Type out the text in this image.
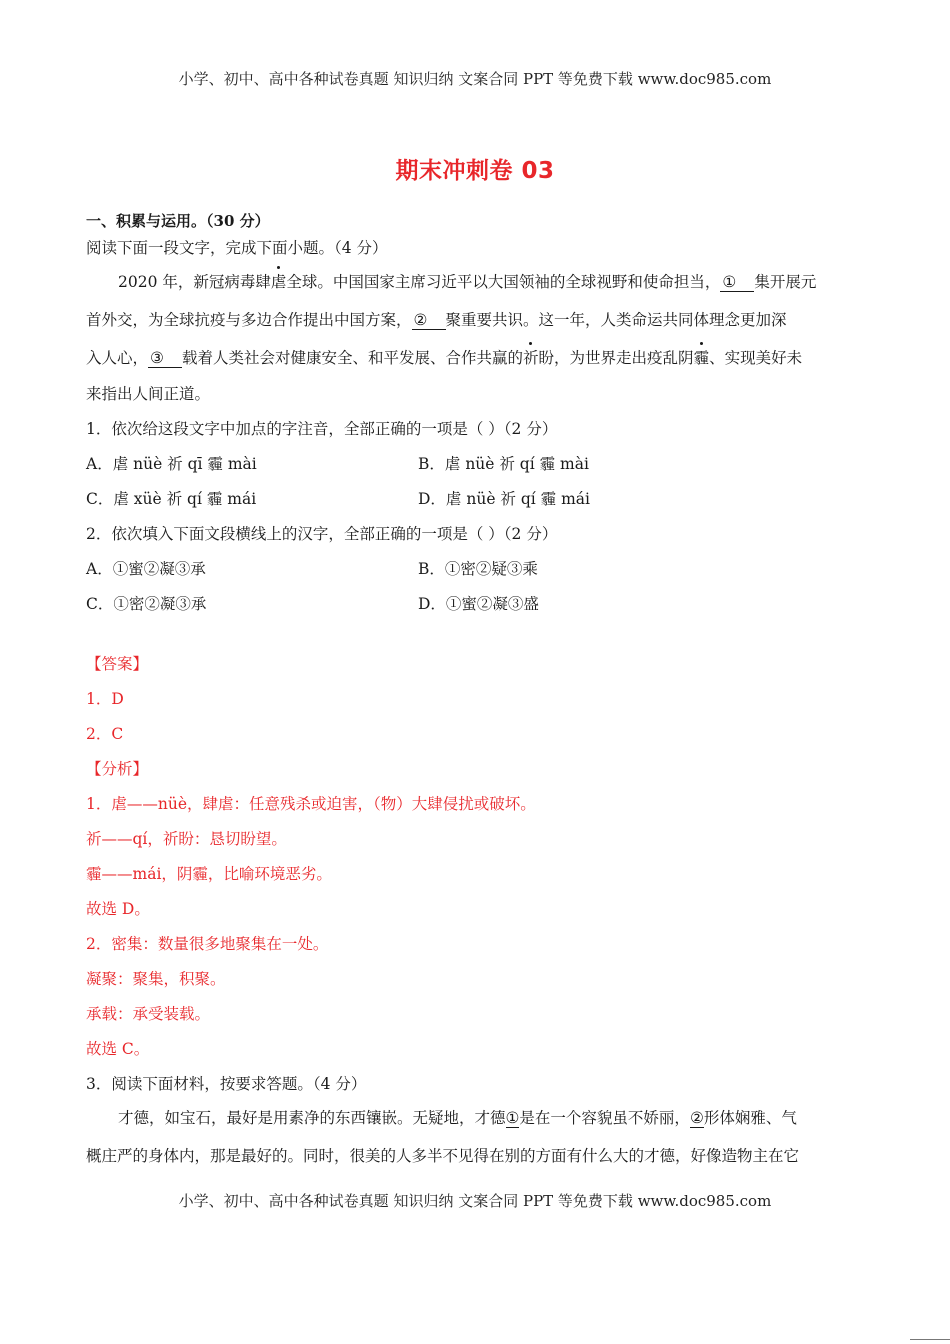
小学、初中、高中各种试卷真题 知识归纳 文案合同 PPT 等免费下载 www.doc985.com
期末冲刺卷 03
一、积累与运用。（30 分）
阅读下面一段文字，完成下面小题。（4 分）
2020 年，新冠病毒肆虐全球。中国国家主席习近平以大国领袖的全球视野和使命担当， ① 集开展元
首外交，为全球抗疫与多边合作提出中国方案， ② 聚重要共识。这一年，人类命运共同体理念更加深
入人心， ③ 载着人类社会对健康安全、和平发展、合作共赢的祈盼，为世界走出疫乱阴霾、实现美好未
来指出人间正道。
1．依次给这段文字中加点的字注音，全部正确的一项是（ ）（2 分）
A．虐 nüè 祈 qī 霾 mài	B．虐 nüè 祈 qí 霾 mài
C．虐 xüè 祈 qí 霾 mái	D．虐 nüè 祈 qí 霾 mái
2．依次填入下面文段横线上的汉字，全部正确的一项是（ ）（2 分）
A．①蜜②凝③承	B．①密②疑③乘
C．①密②凝③承	D．①蜜②凝③盛
【答案】
1．D
2．C
【分析】
1．虐——nüè，肆虐：任意残杀或迫害，（物）大肆侵扰或破坏。
祈——qí，祈盼：恳切盼望。
霾——mái，阴霾，比喻环境恶劣。
故选 D。
2．密集：数量很多地聚集在一处。
凝聚：聚集，积聚。
承载：承受装载。
故选 C。
3．阅读下面材料，按要求答题。（4 分）
才德，如宝石，最好是用素净的东西镶嵌。无疑地，才德①是在一个容貌虽不娇丽，②形体娴雅、气
概庄严的身体内，那是最好的。同时，很美的人多半不见得在别的方面有什么大的才德，好像造物主在它
小学、初中、高中各种试卷真题 知识归纳 文案合同 PPT 等免费下载 www.doc985.com
